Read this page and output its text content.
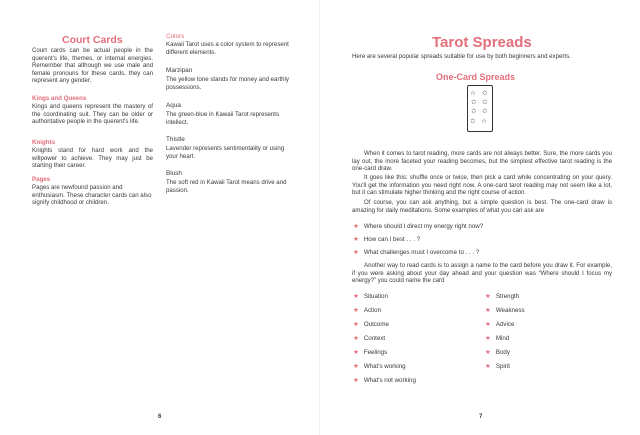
Court Cards
Court cards can be actual people in the querent's life, themes, or internal energies. Remember that although we use male and female pronouns for these cards, they can represent any gender.
Kings and Queens
Kings and queens represent the mastery of the coordinating suit. They can be older or authoritative people in the querent's life.
Knights
Knights stand for hard work and the willpower to achieve. They may just be starting their career.
Pages
Pages are newfound passion and enthusiasm. These character cards can also signify childhood or children.
Colors
Kawaii Tarot uses a color system to represent different elements.
Marzipan
The yellow tone stands for money and earthly possessions.
Aqua
The green-blue in Kawaii Tarot represents intellect.
Thistle
Lavender represents sentimentality or using your heart.
Blush
The soft red in Kawaii Tarot means drive and passion.
6
Tarot Spreads
Here are several popular spreads suitable for use by both beginners and experts.
One-Card Spreads
☆ ✩
✩ ✩
✩ ✩
✩ ☆
When it comes to tarot reading, more cards are not always better. Sure, the more cards you lay out, the more faceted your reading becomes, but the simplest effective tarot reading is the one-card draw.
It goes like this: shuffle once or twice, then pick a card while concentrating on your query. You'll get the information you need right now. A one-card tarot reading may not seem like a lot, but it can stimulate higher thinking and the right course of action.
Of course, you can ask anything, but a simple question is best. The one-card draw is amazing for daily meditations. Some examples of what you can ask are
★ Where should I direct my energy right now?
★ How can I best . . . ?
★ What challenges must I overcome to . . . ?
Another way to read cards is to assign a name to the card before you draw it. For example, if you were asking about your day ahead and your question was “Where should I focus my energy?” you could name the card
★ Situation
★ Action
★ Outcome
★ Context
★ Feelings
★ What's working
★ What's not working
★ Strength
★ Weakness
★ Advice
★ Mind
★ Body
★ Spirit
7
